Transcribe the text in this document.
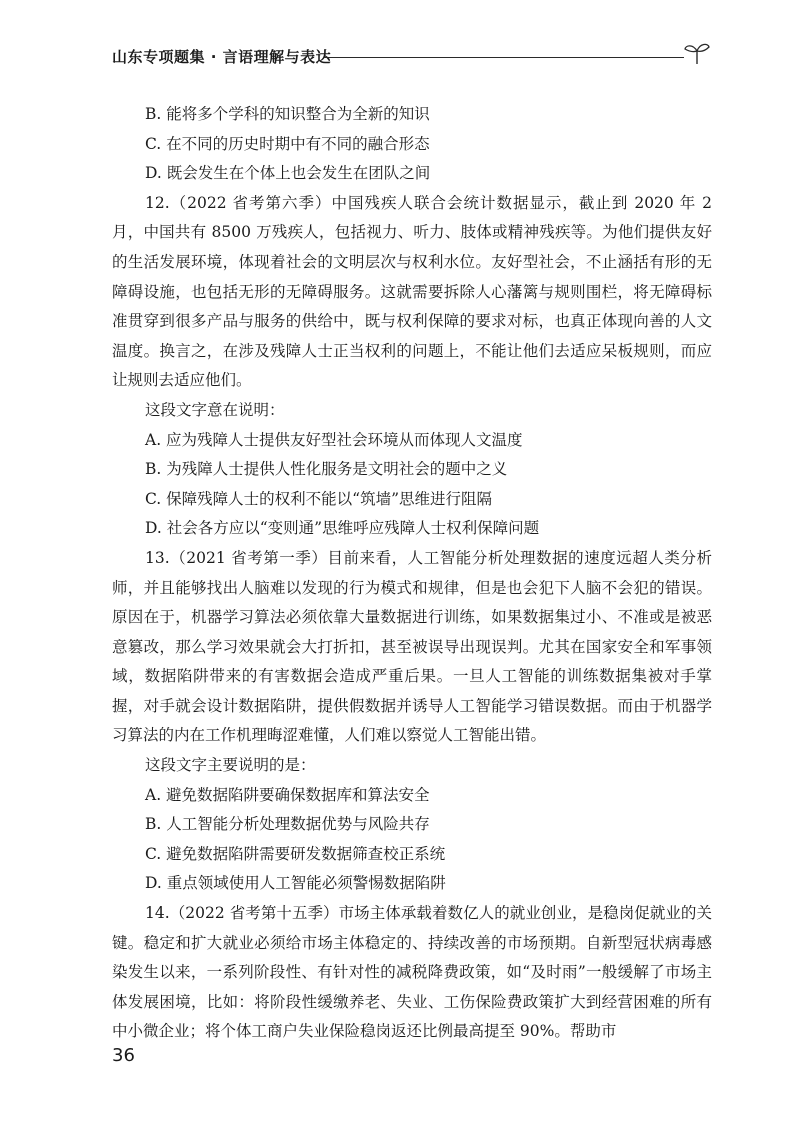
山东专项题集 · 言语理解与表达

B. 能将多个学科的知识整合为全新的知识

C. 在不同的历史时期中有不同的融合形态

D. 既会发生在个体上也会发生在团队之间

12.（2022 省考第六季）中国残疾人联合会统计数据显示，截止到 2020 年 2 月，中国共有 8500 万残疾人，包括视力、听力、肢体或精神残疾等。为他们提供友好的生活发展环境，体现着社会的文明层次与权利水位。友好型社会，不止涵括有形的无障碍设施，也包括无形的无障碍服务。这就需要拆除人心藩篱与规则围栏，将无障碍标准贯穿到很多产品与服务的供给中，既与权利保障的要求对标，也真正体现向善的人文温度。换言之，在涉及残障人士正当权利的问题上，不能让他们去适应呆板规则，而应让规则去适应他们。

这段文字意在说明：

A. 应为残障人士提供友好型社会环境从而体现人文温度

B. 为残障人士提供人性化服务是文明社会的题中之义

C. 保障残障人士的权利不能以“筑墙”思维进行阻隔

D. 社会各方应以“变则通”思维呼应残障人士权利保障问题

13.（2021 省考第一季）目前来看，人工智能分析处理数据的速度远超人类分析师，并且能够找出人脑难以发现的行为模式和规律，但是也会犯下人脑不会犯的错误。原因在于，机器学习算法必须依靠大量数据进行训练，如果数据集过小、不准或是被恶意篡改，那么学习效果就会大打折扣，甚至被误导出现误判。尤其在国家安全和军事领域，数据陷阱带来的有害数据会造成严重后果。一旦人工智能的训练数据集被对手掌握，对手就会设计数据陷阱，提供假数据并诱导人工智能学习错误数据。而由于机器学习算法的内在工作机理晦涩难懂，人们难以察觉人工智能出错。

这段文字主要说明的是：

A. 避免数据陷阱要确保数据库和算法安全

B. 人工智能分析处理数据优势与风险共存

C. 避免数据陷阱需要研发数据筛查校正系统

D. 重点领域使用人工智能必须警惕数据陷阱

14.（2022 省考第十五季）市场主体承载着数亿人的就业创业，是稳岗促就业的关键。稳定和扩大就业必须给市场主体稳定的、持续改善的市场预期。自新型冠状病毒感染发生以来，一系列阶段性、有针对性的减税降费政策，如“及时雨”一般缓解了市场主体发展困境，比如：将阶段性缓缴养老、失业、工伤保险费政策扩大到经营困难的所有中小微企业；将个体工商户失业保险稳岗返还比例最高提至 90%。帮助市

36
